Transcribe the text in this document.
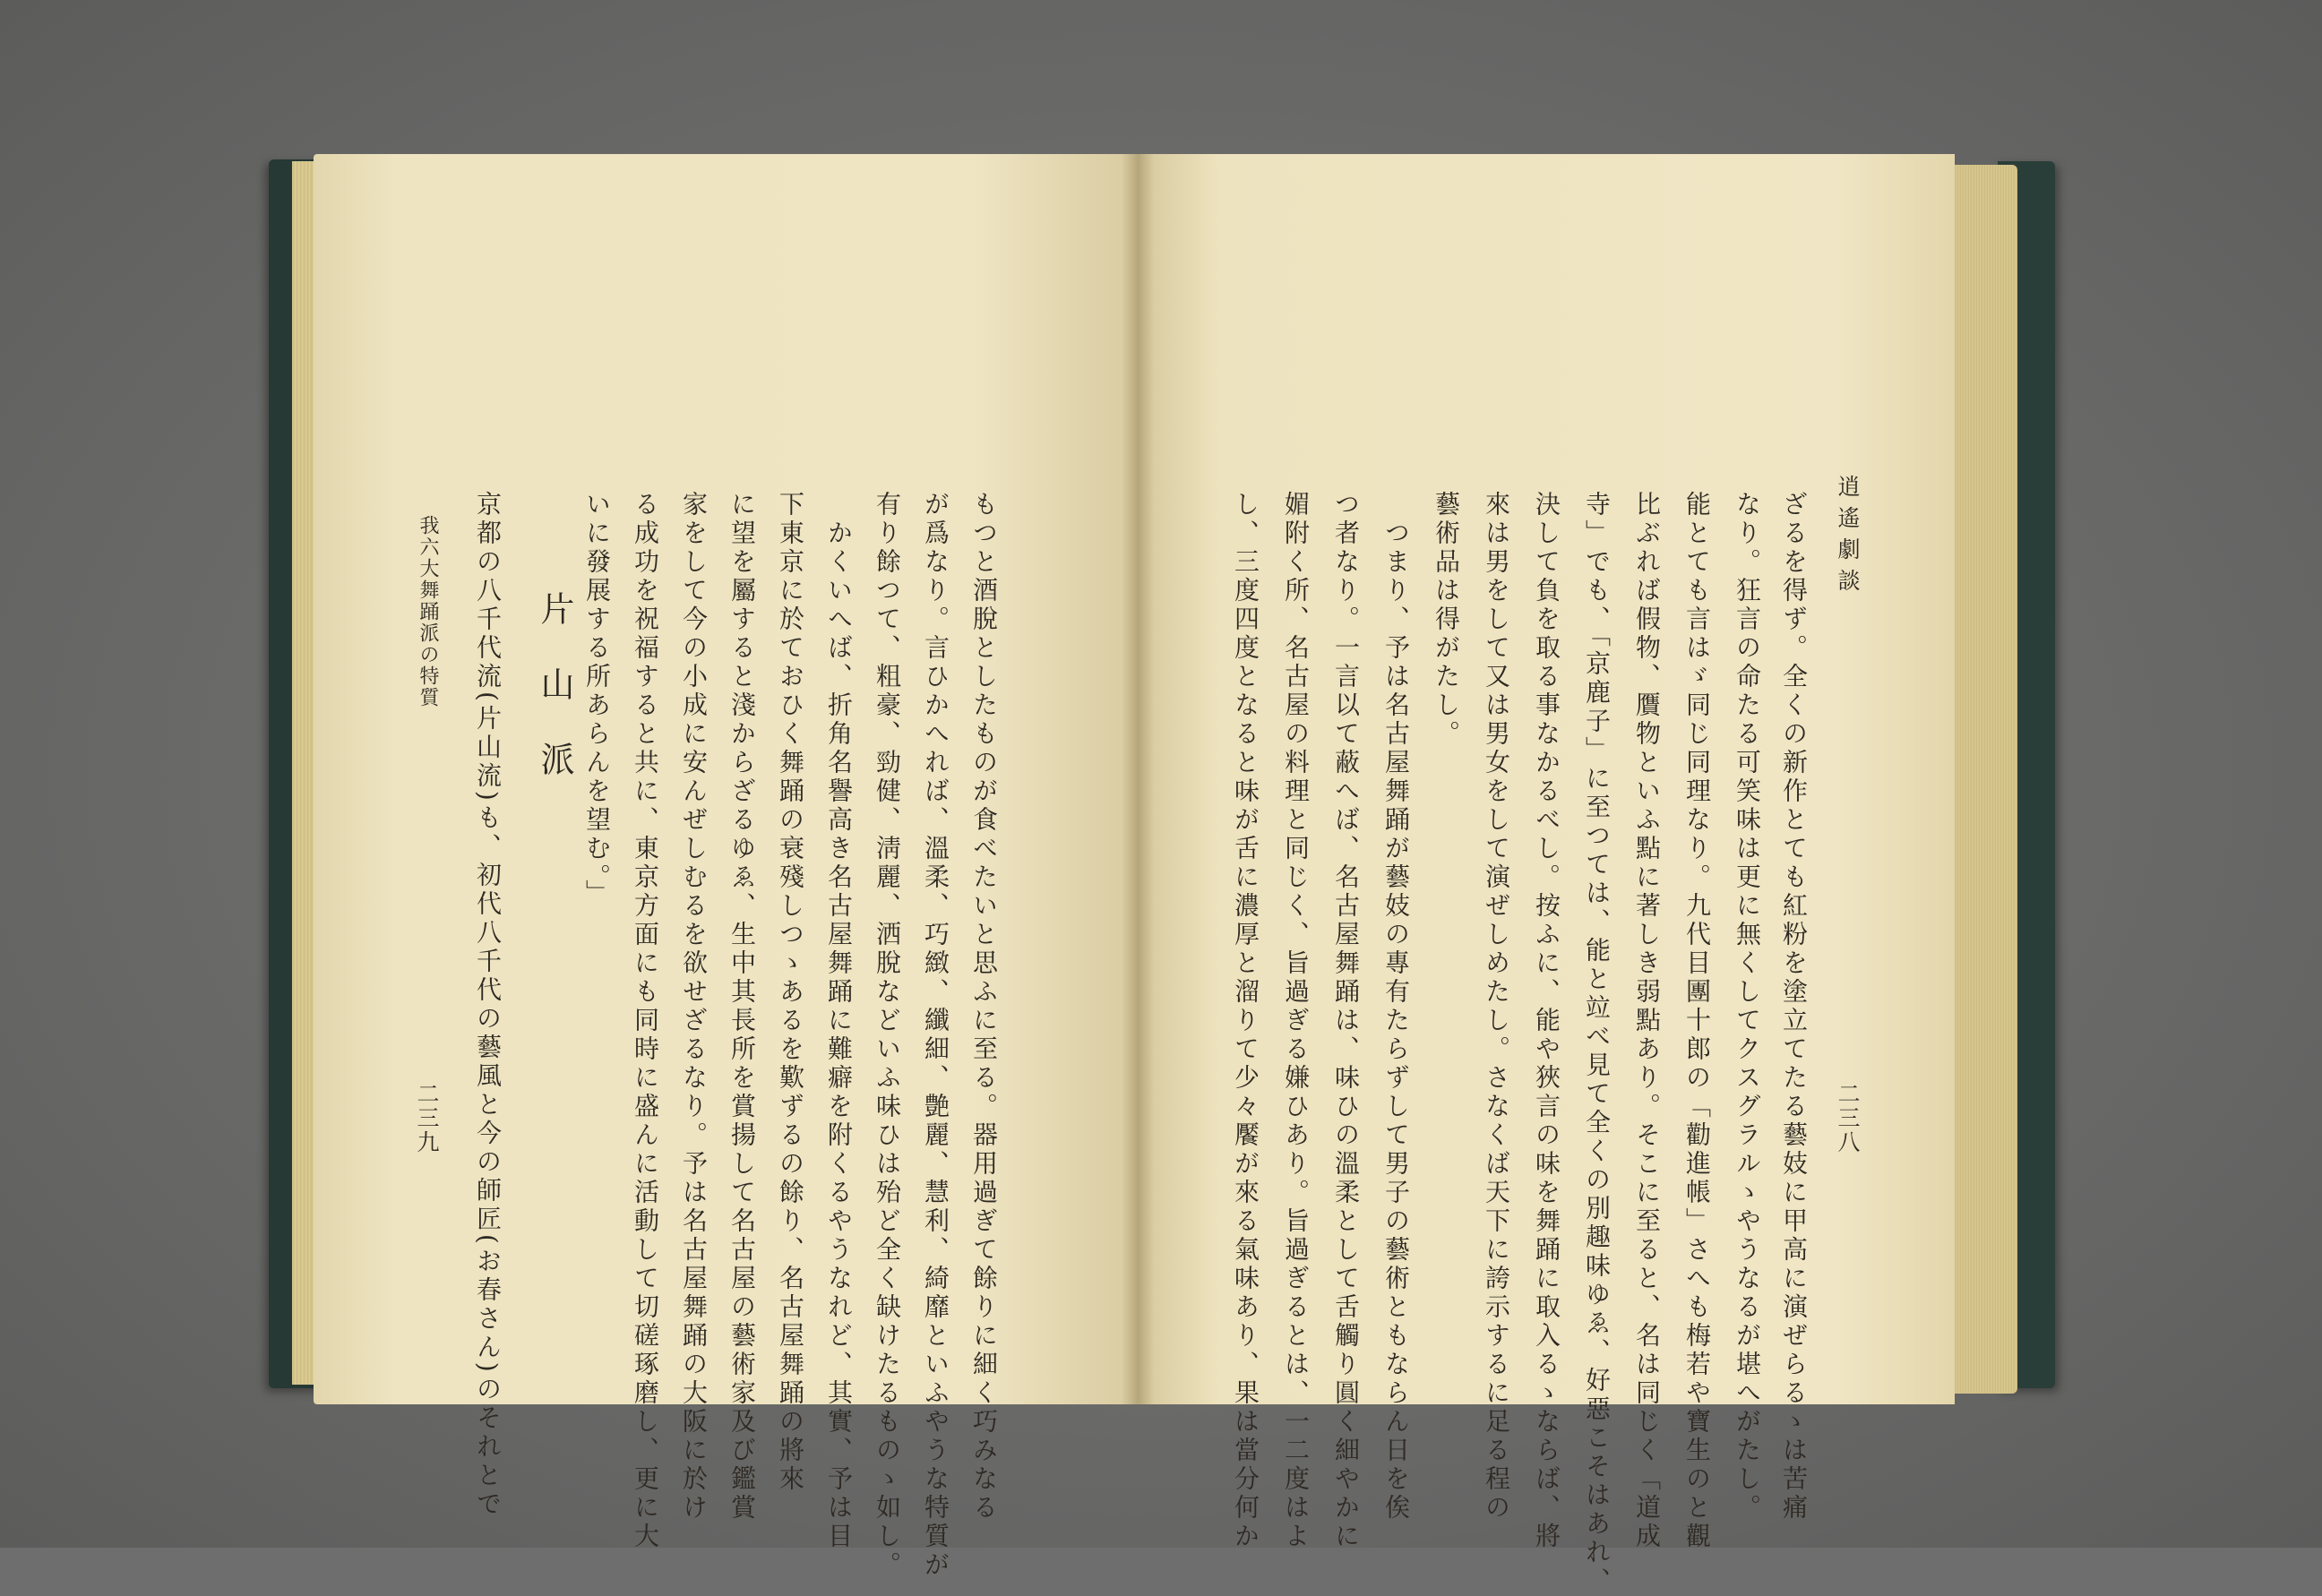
逍遙劇談
二三八
ざるを得ず。全くの新作とても紅粉を塗立てたる藝妓に甲高に演ぜらるゝは苦痛
なり。狂言の命たる可笑味は更に無くしてクスグラルゝやうなるが堪へがたし。
能とても言はゞ同じ同理なり。九代目團十郎の「勸進帳」さへも梅若や寶生のと觀
比ぶれば假物、贋物といふ點に著しき弱點あり。そこに至ると、名は同じく「道成
寺」でも、「京鹿子」に至つては、能と竝べ見て全くの別趣味ゆゑ、好惡こそはあれ、
決して負を取る事なかるべし。按ふに、能や狹言の味を舞踊に取入るゝならば、將
來は男をして又は男女をして演ぜしめたし。さなくば天下に誇示するに足る程の
藝術品は得がたし。
つまり、予は名古屋舞踊が藝妓の專有たらずして男子の藝術ともならん日を俟
つ者なり。一言以て蔽へば、名古屋舞踊は、味ひの溫柔として舌觸り圓く細やかに
媚附く所、名古屋の料理と同じく、旨過ぎる嫌ひあり。旨過ぎるとは、一二度はよ
し、三度四度となると味が舌に濃厚と溜りて少々饜が來る氣味あり、果は當分何か
もつと酒脫としたものが食べたいと思ふに至る。器用過ぎて餘りに細く巧みなる
が爲なり。言ひかへれば、溫柔、巧緻、纖細、艶麗、慧利、綺靡といふやうな特質が
有り餘つて、粗豪、勁健、淸麗、洒脫などいふ味ひは殆ど全く缺けたるものゝ如し。
かくいへば、折角名譽高き名古屋舞踊に難癖を附くるやうなれど、其實、予は目
下東京に於ておひく舞踊の衰殘しつゝあるを歎ずるの餘り、名古屋舞踊の將來
に望を屬すると淺からざるゆゑ、生中其長所を賞揚して名古屋の藝術家及び鑑賞
家をして今の小成に安んぜしむるを欲せざるなり。予は名古屋舞踊の大阪に於け
る成功を祝福すると共に、東京方面にも同時に盛んに活動して切磋琢磨し、更に大
いに發展する所あらんを望む。」
片山派
京都の八千代流(片山流)も、初代八千代の藝風と今の師匠(お春さん)のそれとで
我六大舞踊派の特質
二三九
